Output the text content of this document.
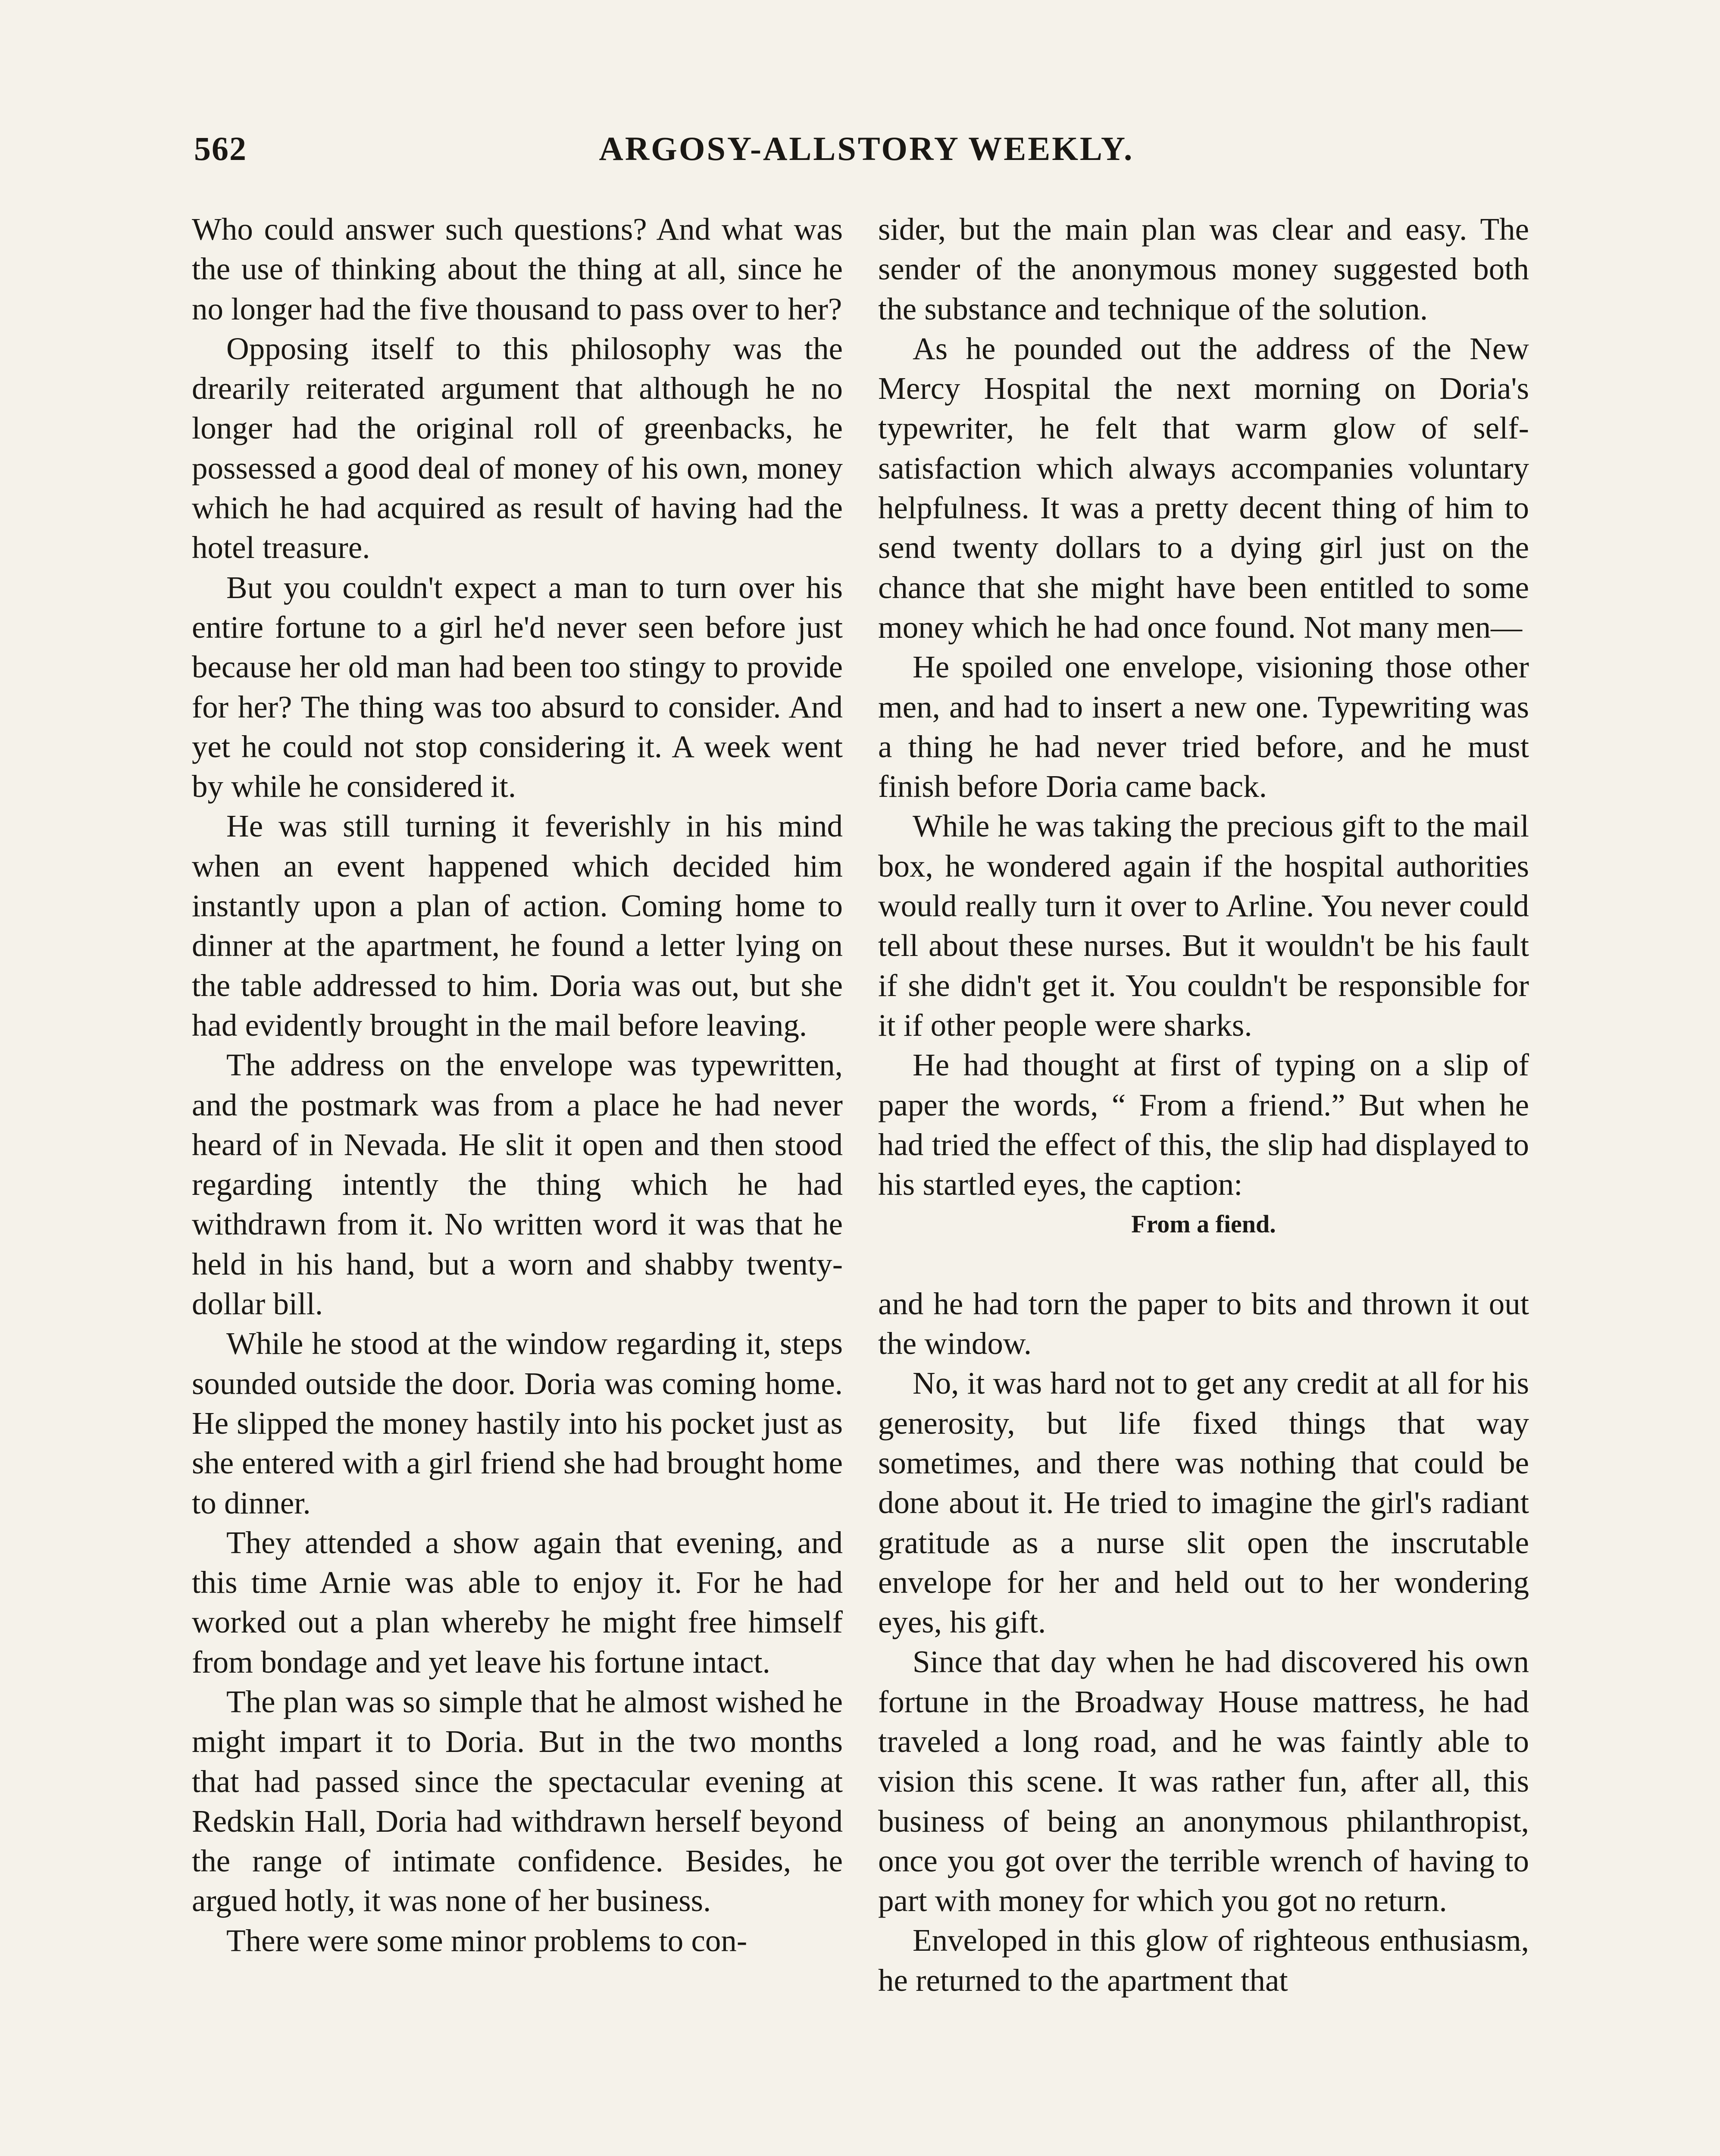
562	ARGOSY-ALLSTORY WEEKLY.

Who could answer such questions? And what was the use of thinking about the thing at all, since he no longer had the five thousand to pass over to her?

Opposing itself to this philosophy was the drearily reiterated argument that although he no longer had the original roll of greenbacks, he possessed a good deal of money of his own, money which he had acquired as result of having had the hotel treasure.

But you couldn't expect a man to turn over his entire fortune to a girl he'd never seen before just because her old man had been too stingy to provide for her? The thing was too absurd to consider. And yet he could not stop considering it. A week went by while he considered it.

He was still turning it feverishly in his mind when an event happened which decided him instantly upon a plan of action. Coming home to dinner at the apartment, he found a letter lying on the table addressed to him. Doria was out, but she had evidently brought in the mail before leaving.

The address on the envelope was typewritten, and the postmark was from a place he had never heard of in Nevada. He slit it open and then stood regarding intently the thing which he had withdrawn from it. No written word it was that he held in his hand, but a worn and shabby twenty-dollar bill.

While he stood at the window regarding it, steps sounded outside the door. Doria was coming home. He slipped the money hastily into his pocket just as she entered with a girl friend she had brought home to dinner.

They attended a show again that evening, and this time Arnie was able to enjoy it. For he had worked out a plan whereby he might free himself from bondage and yet leave his fortune intact.

The plan was so simple that he almost wished he might impart it to Doria. But in the two months that had passed since the spectacular evening at Redskin Hall, Doria had withdrawn herself beyond the range of intimate confidence. Besides, he argued hotly, it was none of her business.

There were some minor problems to con-

sider, but the main plan was clear and easy. The sender of the anonymous money suggested both the substance and technique of the solution.

As he pounded out the address of the New Mercy Hospital the next morning on Doria's typewriter, he felt that warm glow of self-satisfaction which always accompanies voluntary helpfulness. It was a pretty decent thing of him to send twenty dollars to a dying girl just on the chance that she might have been entitled to some money which he had once found. Not many men—

He spoiled one envelope, visioning those other men, and had to insert a new one. Typewriting was a thing he had never tried before, and he must finish before Doria came back.

While he was taking the precious gift to the mail box, he wondered again if the hospital authorities would really turn it over to Arline. You never could tell about these nurses. But it wouldn't be his fault if she didn't get it. You couldn't be responsible for it if other people were sharks.

He had thought at first of typing on a slip of paper the words, “ From a friend.” But when he had tried the effect of this, the slip had displayed to his startled eyes, the caption:

From a fiend.

and he had torn the paper to bits and thrown it out the window.

No, it was hard not to get any credit at all for his generosity, but life fixed things that way sometimes, and there was nothing that could be done about it. He tried to imagine the girl's radiant gratitude as a nurse slit open the inscrutable envelope for her and held out to her wondering eyes, his gift.

Since that day when he had discovered his own fortune in the Broadway House mattress, he had traveled a long road, and he was faintly able to vision this scene. It was rather fun, after all, this business of being an anonymous philanthropist, once you got over the terrible wrench of having to part with money for which you got no return.

Enveloped in this glow of righteous enthusiasm, he returned to the apartment that
